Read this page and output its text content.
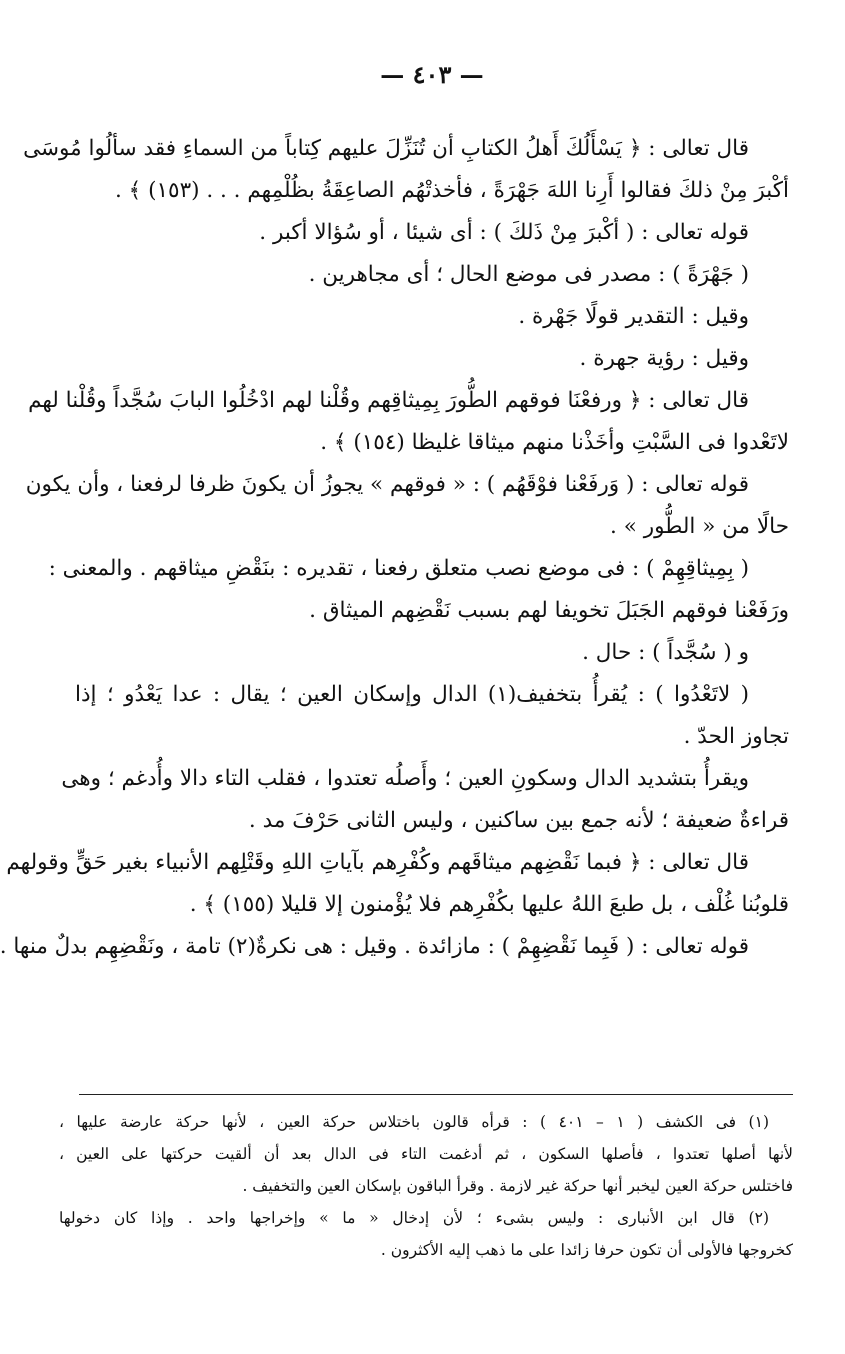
— ٤٠٣ —
قال تعالى : ﴿ يَسْأَلُكَ أَهلُ الكتابِ أن تُنَزِّلَ عليهم كِتاباً من السماءِ فقد سألُوا مُوسَى
أكْبرَ مِنْ ذلكَ فقالوا أَرِنا اللهَ جَهْرَةً ، فأخذتْهُم الصاعِقَةُ بظُلْمِهم . . . (١٥٣) ﴾ .
قوله تعالى : ( أكْبرَ مِنْ ذَلكَ ) : أى شيئا ، أو سُؤالا أكبر .
( جَهْرَةً ) : مصدر فى موضع الحال ؛ أى مجاهرين .
وقيل : التقدير قولًا جَهْرة .
وقيل : رؤية جهرة .
قال تعالى : ﴿ ورفعْنَا فوقهم الطُّورَ بِمِيثاقِهم وقُلْنا لهم ادْخُلُوا البابَ سُجَّداً وقُلْنا لهم
لاتَعْدوا فى السَّبْتِ وأخَذْنا منهم ميثاقا غليظا (١٥٤) ﴾ .
قوله تعالى : ( وَرفَعْنا فوْقَهُم ) : « فوقهم » يجوزُ أن يكونَ ظرفا لرفعنا ، وأن يكون
حالًا من « الطُّور » .
( بِمِيثاقِهِمْ ) : فى موضع نصب متعلق رفعنا ، تقديره : بنَقْضِ ميثاقهم . والمعنى :
ورَفَعْنا فوقهم الجَبَلَ تخويفا لهم بسبب نَقْضِهم الميثاق .
و ( سُجَّداً ) : حال .
( لاتَعْدُوا ) : يُقرأُ بتخفيف(١) الدال وإسكان العين ؛ يقال : عدا يَعْدُو ؛ إذا
تجاوز الحدّ .
ويقرأُ بتشديد الدال وسكونِ العين ؛ وأَصلُه تعتدوا ، فقلب التاء دالا وأُدغم ؛ وهى
قراءةٌ ضعيفة ؛ لأنه جمع بين ساكنين ، وليس الثانى حَرْفَ مد .
قال تعالى : ﴿ فبما نَقْضِهم ميثاقَهم وكُفْرِهم بآياتِ اللهِ وقَتْلِهم الأنبياء بغير حَقٍّ وقولهم
قلوبُنا غُلْف ، بل طبعَ اللهُ عليها بكُفْرِهم فلا يُؤْمنون إلا قليلا (١٥٥) ﴾ .
قوله تعالى : ( فَبِما نَقْضِهِمْ ) : مازائدة . وقيل : هى نكرةٌ(٢) تامة ، ونَقْضِهِم بدلٌ منها .
(١) فى الكشف ( ١ – ٤٠١ ) : قرأه قالون باختلاس حركة العين ، لأنها حركة عارضة عليها ،
لأنها أصلها تعتدوا ، فأصلها السكون ، ثم أدغمت التاء فى الدال بعد أن ألقيت حركتها على العين ،
فاختلس حركة العين ليخبر أنها حركة غير لازمة . وقرأ الباقون بإسكان العين والتخفيف .
(٢) قال ابن الأنبارى : وليس بشىء ؛ لأن إدخال « ما » وإخراجها واحد . وإذا كان دخولها
كخروجها فالأولى أن تكون حرفا زائدا على ما ذهب إليه الأكثرون .
